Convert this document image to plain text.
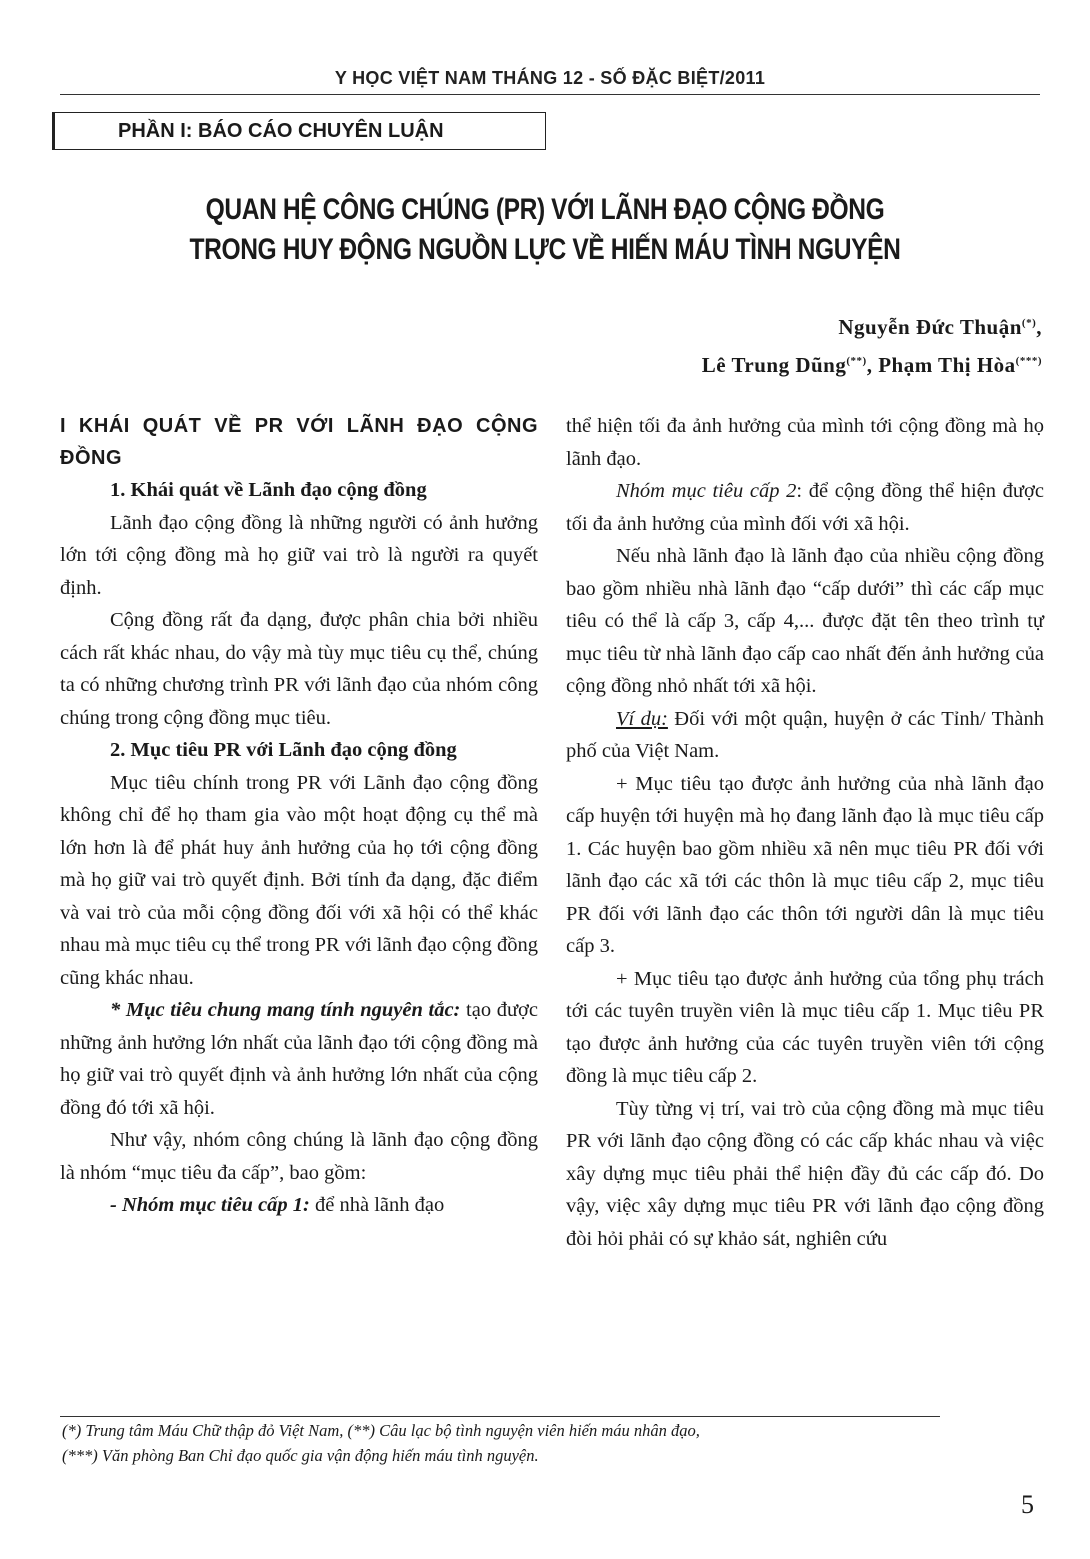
Y HỌC VIỆT NAM THÁNG 12 - SỐ ĐẶC BIỆT/2011
PHẦN I: BÁO CÁO CHUYÊN LUẬN
QUAN HỆ CÔNG CHÚNG (PR) VỚI LÃNH ĐẠO CỘNG ĐỒNG
TRONG HUY ĐỘNG NGUỒN LỰC VỀ HIẾN MÁU TÌNH NGUYỆN
Nguyễn Đức Thuận(*),
Lê Trung Dũng(**), Phạm Thị Hòa(***)

I KHÁI QUÁT VỀ PR VỚI LÃNH ĐẠO CỘNG ĐỒNG

1. Khái quát về Lãnh đạo cộng đồng

Lãnh đạo cộng đồng là những người có ảnh hưởng lớn tới cộng đồng mà họ giữ vai trò là người ra quyết định.

Cộng đồng rất đa dạng, được phân chia bởi nhiều cách rất khác nhau, do vậy mà tùy mục tiêu cụ thể, chúng ta có những chương trình PR với lãnh đạo của nhóm công chúng trong cộng đồng mục tiêu.

2. Mục tiêu PR với Lãnh đạo cộng đồng

Mục tiêu chính trong PR với Lãnh đạo cộng đồng không chỉ để họ tham gia vào một hoạt động cụ thể mà lớn hơn là để phát huy ảnh hưởng của họ tới cộng đồng mà họ giữ vai trò quyết định. Bởi tính đa dạng, đặc điểm và vai trò của mỗi cộng đồng đối với xã hội có thể khác nhau mà mục tiêu cụ thể trong PR với lãnh đạo cộng đồng cũng khác nhau.

* Mục tiêu chung mang tính nguyên tắc: tạo được những ảnh hưởng lớn nhất của lãnh đạo tới cộng đồng mà họ giữ vai trò quyết định và ảnh hưởng lớn nhất của cộng đồng đó tới xã hội.

Như vậy, nhóm công chúng là lãnh đạo cộng đồng là nhóm “mục tiêu đa cấp”, bao gồm:

- Nhóm mục tiêu cấp 1: để nhà lãnh đạo

thể hiện tối đa ảnh hưởng của mình tới cộng đồng mà họ lãnh đạo.

Nhóm mục tiêu cấp 2: để cộng đồng thể hiện được tối đa ảnh hưởng của mình đối với xã hội.

Nếu nhà lãnh đạo là lãnh đạo của nhiều cộng đồng bao gồm nhiều nhà lãnh đạo “cấp dưới” thì các cấp mục tiêu có thể là cấp 3, cấp 4,... được đặt tên theo trình tự mục tiêu từ nhà lãnh đạo cấp cao nhất đến ảnh hưởng của cộng đồng nhỏ nhất tới xã hội.

Ví dụ: Đối với một quận, huyện ở các Tỉnh/ Thành phố của Việt Nam.

+ Mục tiêu tạo được ảnh hưởng của nhà lãnh đạo cấp huyện tới huyện mà họ đang lãnh đạo là mục tiêu cấp 1. Các huyện bao gồm nhiều xã nên mục tiêu PR đối với lãnh đạo các xã tới các thôn là mục tiêu cấp 2, mục tiêu PR đối với lãnh đạo các thôn tới người dân là mục tiêu cấp 3.

+ Mục tiêu tạo được ảnh hưởng của tổng phụ trách tới các tuyên truyền viên là mục tiêu cấp 1. Mục tiêu PR tạo được ảnh hưởng của các tuyên truyền viên tới cộng đồng là mục tiêu cấp 2.

Tùy từng vị trí, vai trò của cộng đồng mà mục tiêu PR với lãnh đạo cộng đồng có các cấp khác nhau và việc xây dựng mục tiêu phải thể hiện đầy đủ các cấp đó. Do vậy, việc xây dựng mục tiêu PR với lãnh đạo cộng đồng đòi hỏi phải có sự khảo sát, nghiên cứu

(*) Trung tâm Máu Chữ thập đỏ Việt Nam, (**) Câu lạc bộ tình nguyện viên hiến máu nhân đạo,
(***) Văn phòng Ban Chỉ đạo quốc gia vận động hiến máu tình nguyện.
5
